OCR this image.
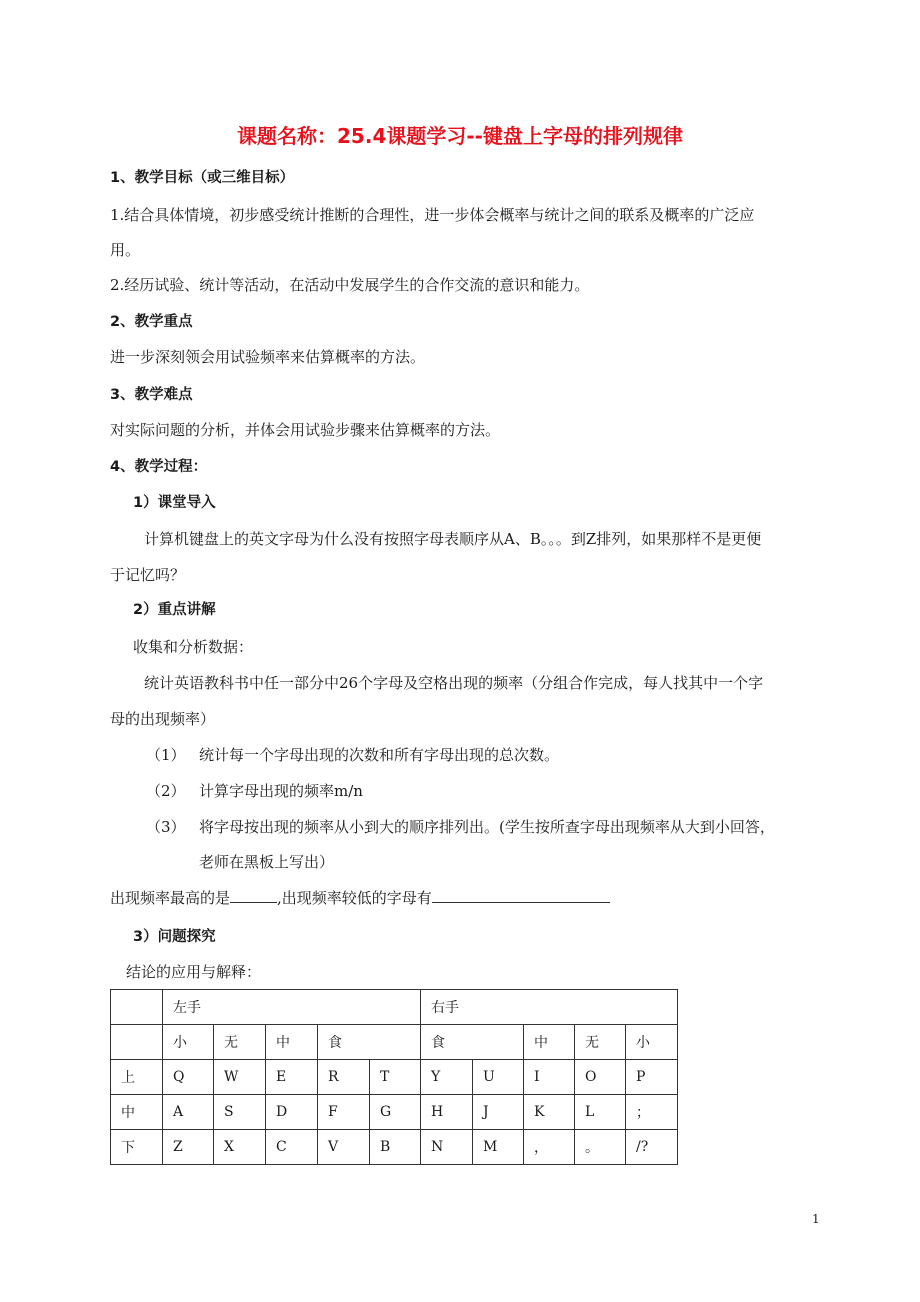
课题名称：25.4课题学习--键盘上字母的排列规律
1、教学目标（或三维目标）
1.结合具体情境，初步感受统计推断的合理性，进一步体会概率与统计之间的联系及概率的广泛应
用。
2.经历试验、统计等活动，在活动中发展学生的合作交流的意识和能力。
2、教学重点
进一步深刻领会用试验频率来估算概率的方法。
3、教学难点
对实际问题的分析，并体会用试验步骤来估算概率的方法。
4、教学过程：
1）课堂导入
计算机键盘上的英文字母为什么没有按照字母表顺序从A、B。。。到Z排列，如果那样不是更便
于记忆吗？
2）重点讲解
收集和分析数据：
统计英语教科书中任一部分中26个字母及空格出现的频率（分组合作完成，每人找其中一个字
母的出现频率）
（1） 统计每一个字母出现的次数和所有字母出现的总次数。
（2） 计算字母出现的频率m/n
（3） 将字母按出现的频率从小到大的顺序排列出。(学生按所查字母出现频率从大到小回答，
老师在黑板上写出）
出现频率最高的是	,出现频率较低的字母有
3）问题探究
结论的应用与解释：
	左手					右手				
	小	无	中	食		食		中	无	小
上	Q	W	E	R	T	Y	U	I	O	P
中	A	S	D	F	G	H	J	K	L	；
下	Z	X	C	V	B	N	M	，	。	/?
1
